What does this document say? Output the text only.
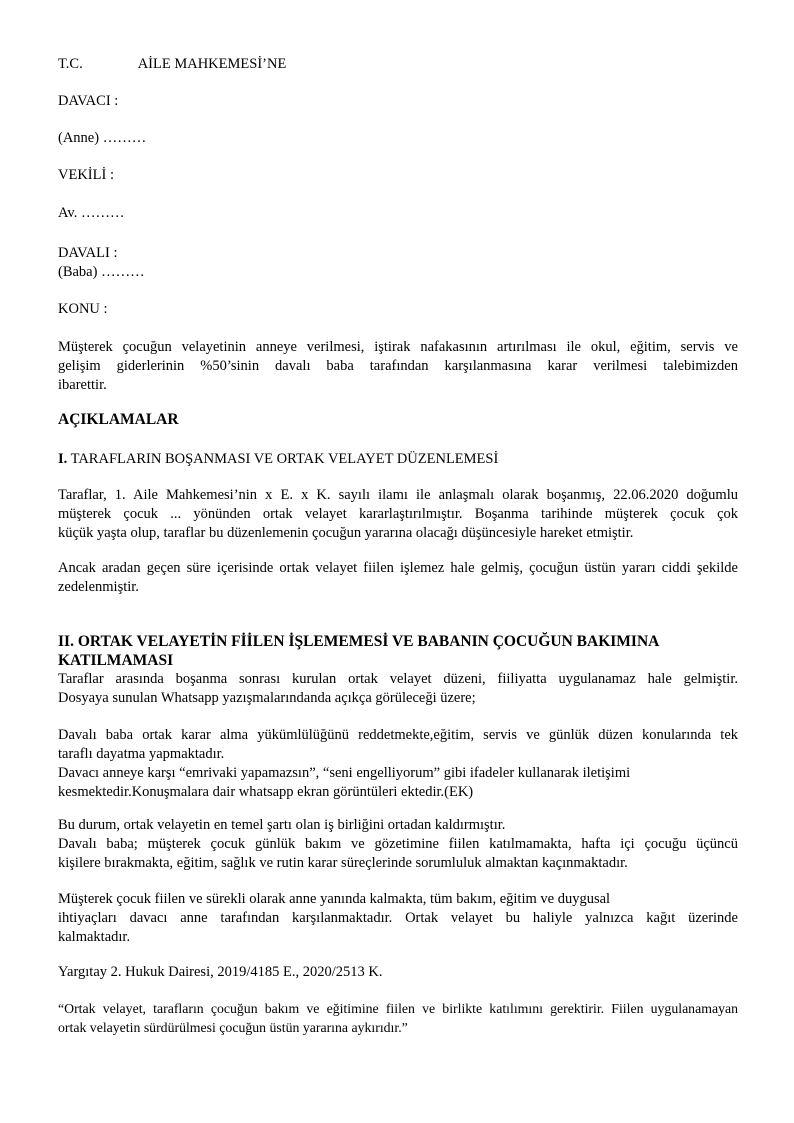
T.C.	AİLE MAHKEMESİ’NE
DAVACI :
(Anne) ………
VEKİLİ :
Av. ………
DAVALI :
(Baba) ………
KONU :
Müşterek çocuğun velayetinin anneye verilmesi, iştirak nafakasının artırılması ile okul, eğitim, servis ve
gelişim giderlerinin %50’sinin davalı baba tarafından karşılanmasına karar verilmesi talebimizden
ibarettir.
AÇIKLAMALAR
I. TARAFLARIN BOŞANMASI VE ORTAK VELAYET DÜZENLEMESİ
Taraflar, 1. Aile Mahkemesi’nin x E. x K. sayılı ilamı ile anlaşmalı olarak boşanmış, 22.06.2020 doğumlu
müşterek çocuk ... yönünden ortak velayet kararlaştırılmıştır. Boşanma tarihinde müşterek çocuk çok
küçük yaşta olup, taraflar bu düzenlemenin çocuğun yararına olacağı düşüncesiyle hareket etmiştir.
Ancak aradan geçen süre içerisinde ortak velayet fiilen işlemez hale gelmiş, çocuğun üstün yararı ciddi şekilde
zedelenmiştir.
II. ORTAK VELAYETİN FİİLEN İŞLEMEMESİ VE BABANIN ÇOCUĞUN BAKIMINA
KATILMAMASI
Taraflar arasında boşanma sonrası kurulan ortak velayet düzeni, fiiliyatta uygulanamaz hale gelmiştir.
Dosyaya sunulan Whatsapp yazışmalarındanda açıkça görüleceği üzere;
Davalı baba ortak karar alma yükümlülüğünü reddetmekte,eğitim, servis ve günlük düzen konularında tek
taraflı dayatma yapmaktadır.
Davacı anneye karşı “emrivaki yapamazsın”, “seni engelliyorum” gibi ifadeler kullanarak iletişimi
kesmektedir.Konuşmalara dair whatsapp ekran görüntüleri ektedir.(EK)
Bu durum, ortak velayetin en temel şartı olan iş birliğini ortadan kaldırmıştır.
Davalı baba; müşterek çocuk günlük bakım ve gözetimine fiilen katılmamakta, hafta içi çocuğu üçüncü
kişilere bırakmakta, eğitim, sağlık ve rutin karar süreçlerinde sorumluluk almaktan kaçınmaktadır.
Müşterek çocuk fiilen ve sürekli olarak anne yanında kalmakta, tüm bakım, eğitim ve duygusal
ihtiyaçları davacı anne tarafından karşılanmaktadır. Ortak velayet bu haliyle yalnızca kağıt üzerinde
kalmaktadır.
Yargıtay 2. Hukuk Dairesi, 2019/4185 E., 2020/2513 K.
“Ortak velayet, tarafların çocuğun bakım ve eğitimine fiilen ve birlikte katılımını gerektirir. Fiilen uygulanamayan
ortak velayetin sürdürülmesi çocuğun üstün yararına aykırıdır.”
